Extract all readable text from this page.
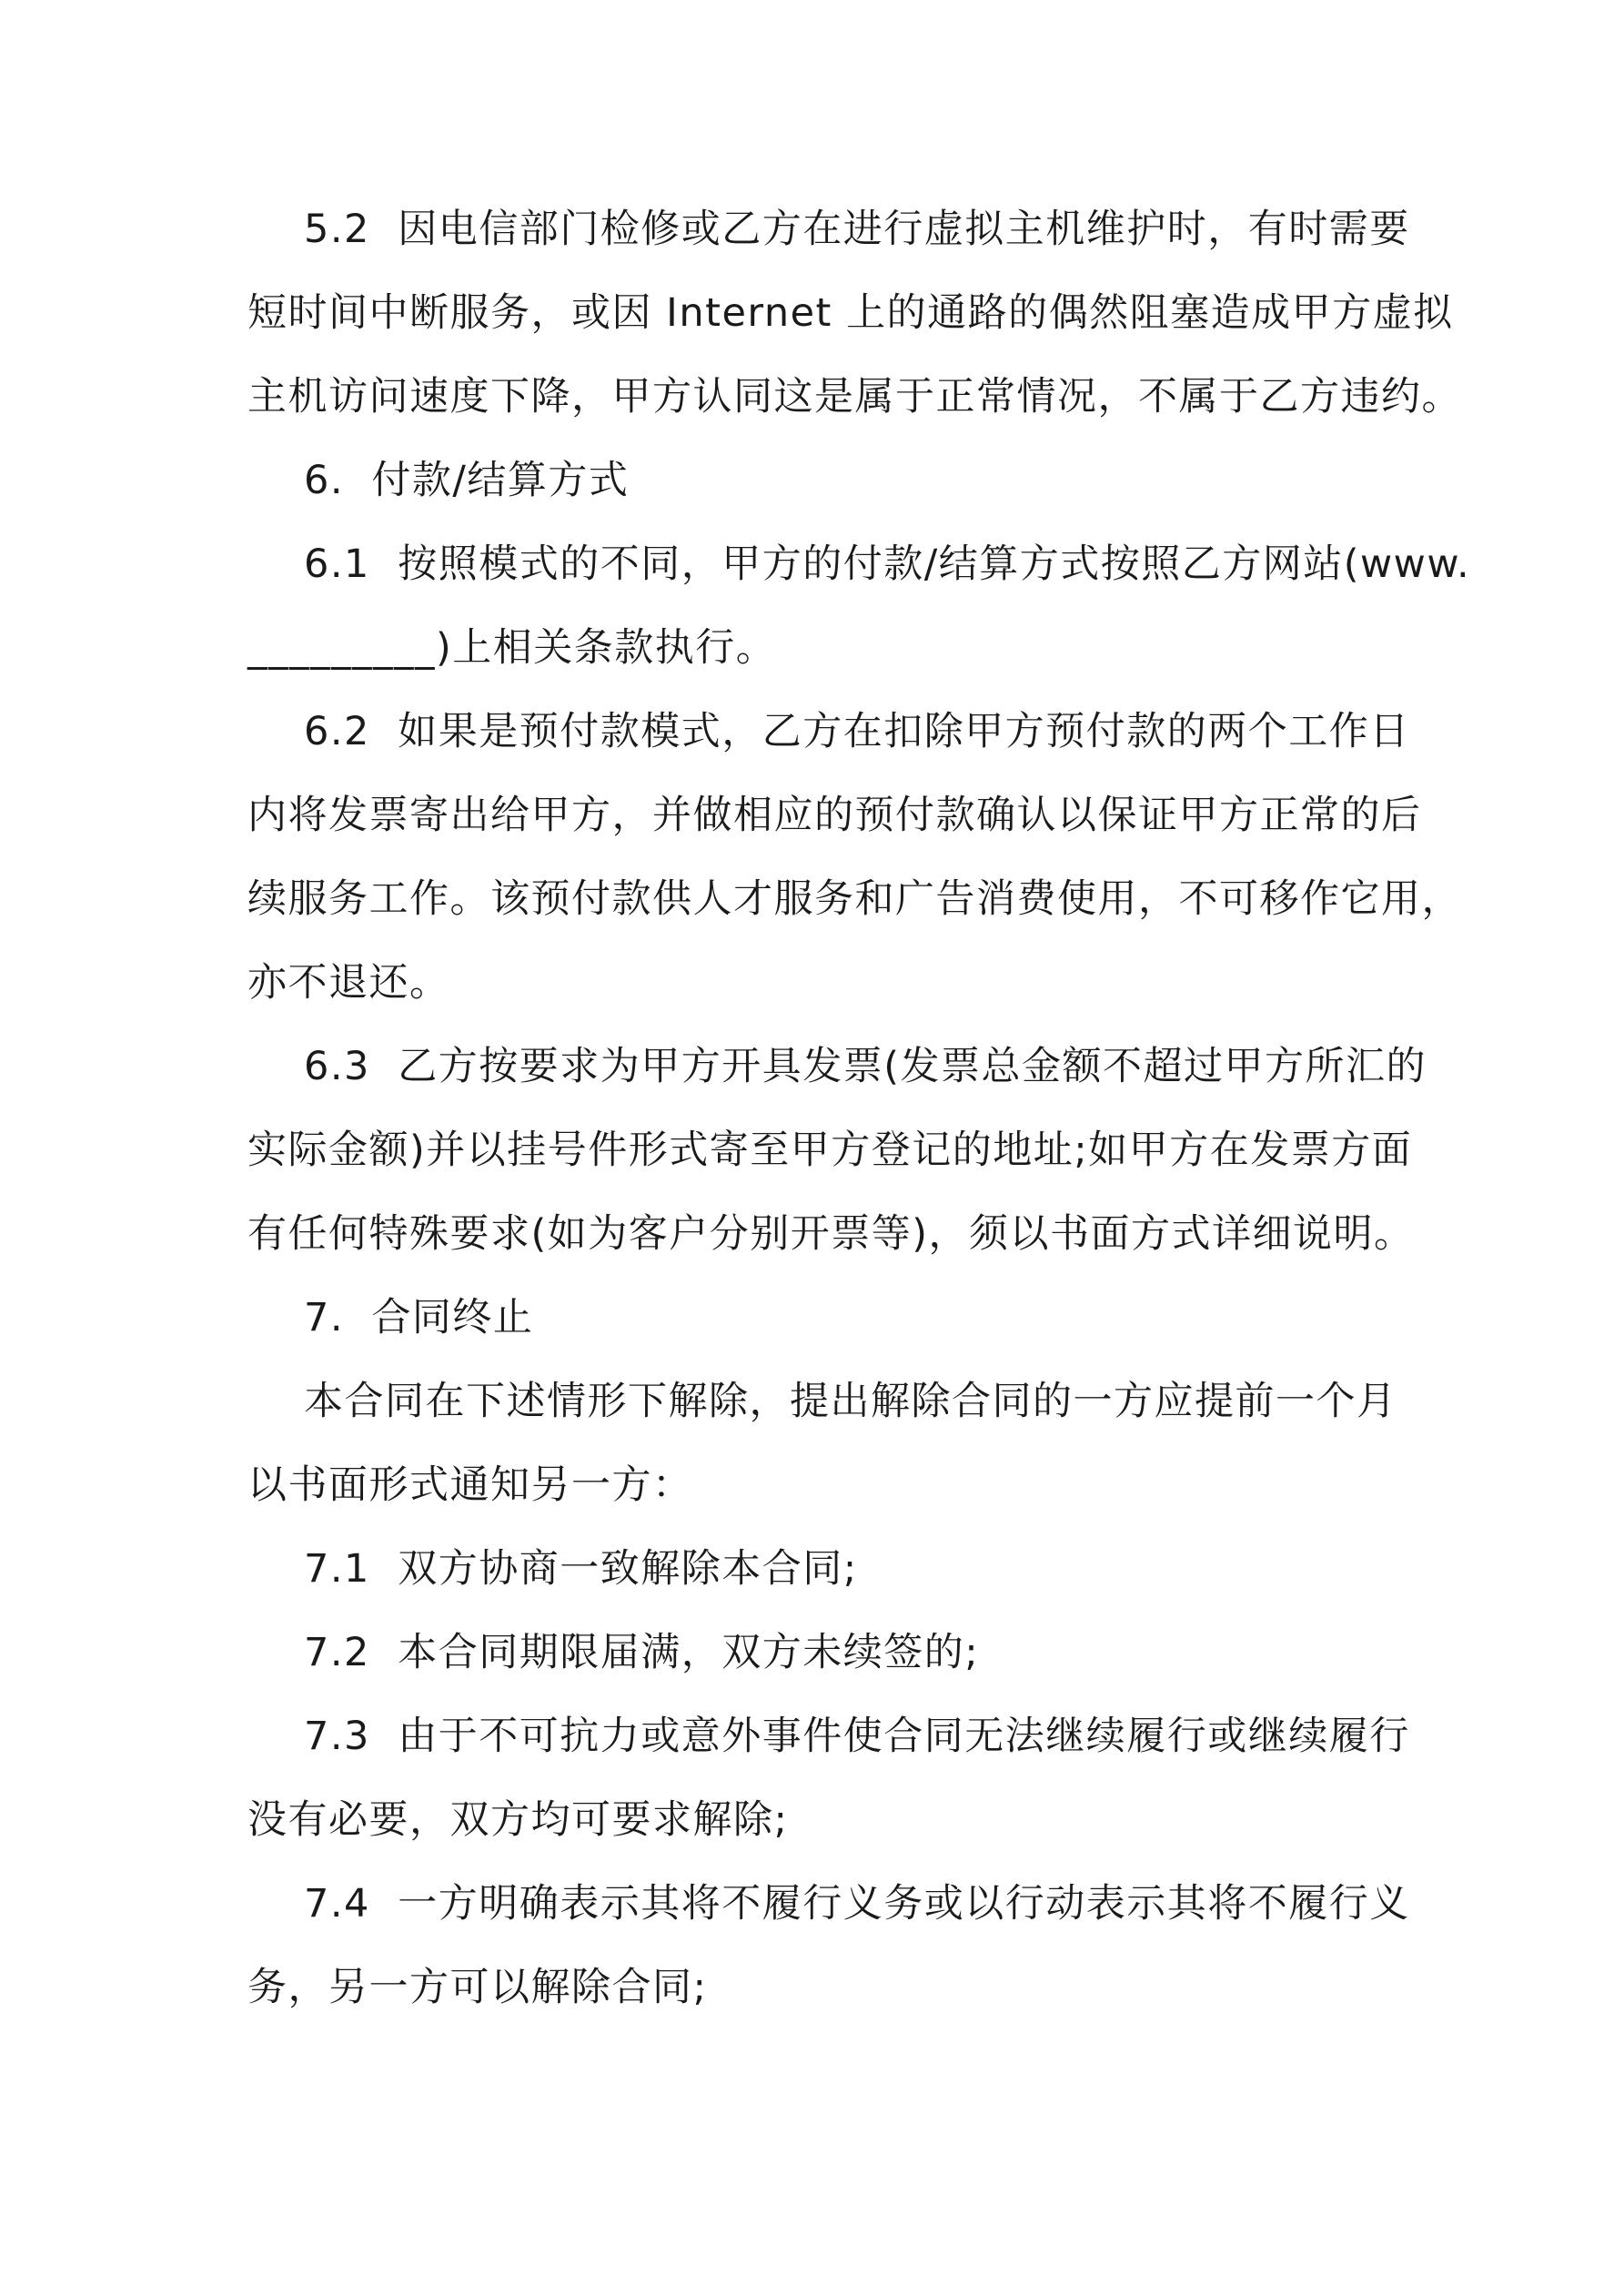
5.2  因电信部门检修或乙方在进行虚拟主机维护时，有时需要
短时间中断服务，或因 Internet 上的通路的偶然阻塞造成甲方虚拟
主机访问速度下降，甲方认同这是属于正常情况，不属于乙方违约。
6.  付款/结算方式
6.1  按照模式的不同，甲方的付款/结算方式按照乙方网站(www.
_________)上相关条款执行。
6.2  如果是预付款模式，乙方在扣除甲方预付款的两个工作日
内将发票寄出给甲方，并做相应的预付款确认以保证甲方正常的后
续服务工作。该预付款供人才服务和广告消费使用，不可移作它用，
亦不退还。
6.3  乙方按要求为甲方开具发票(发票总金额不超过甲方所汇的
实际金额)并以挂号件形式寄至甲方登记的地址;如甲方在发票方面
有任何特殊要求(如为客户分别开票等)，须以书面方式详细说明。
7.  合同终止
本合同在下述情形下解除，提出解除合同的一方应提前一个月
以书面形式通知另一方：
7.1  双方协商一致解除本合同;
7.2  本合同期限届满，双方未续签的;
7.3  由于不可抗力或意外事件使合同无法继续履行或继续履行
没有必要，双方均可要求解除;
7.4  一方明确表示其将不履行义务或以行动表示其将不履行义
务，另一方可以解除合同;
